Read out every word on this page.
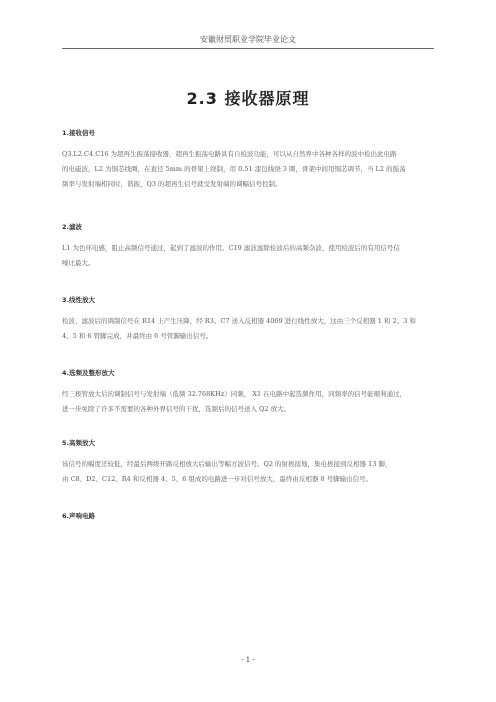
安徽财贸职业学院毕业论文
2.3 接收器原理
1.接收信号
Q3.L2.C4.C16 为超再生振荡接收器，超再生振荡电路具有自检波功能，可以从自然界中各种各样的波中检出此电路
的电磁波，L2 为铜芯线圈，在直径 5mm 的骨架上绕制，用 0.51 漆包线绕 3 圈，骨架中间用铜芯调节，当 L2 的振荡
频率与发射端相同时，谐振，Q3 的超再生信号就受发射端的调幅信号控制。
2.滤波
L1 为色环电感，阻止高频信号通过，起到了滤波的作用。C19 滤波滤除检波后的高频杂波，使用检波后的有用信号信
噪比最大。
3.线性放大
检波、滤波后的调制信号在 R14 上产生压降，经 R3、C7 送入反相器 4069 进行线性放大，这由三个反相器 1 和 2、3 和
4、5 和 6 管脚完成，并最终由 6 号管脚输出信号。
4.选频及整形放大
经三极管放大后的调制信号与发射端（低频 32.768KHz）同频， X1 在电路中起选频作用，同频率的信号能顺利通过，
进一步免除了许多不需要的各种外界信号的干扰，选频后的信号送入 Q2 放大。
5.高频放大
该信号的幅度还较低，经最后两级开路反相放大后输出等幅方波信号。Q2 的射极接地，集电极接到反相器 13 脚，
由 C8、D2、C12、R4 和反相器 4、5、6 组成的电路进一步对信号放大，最终由反相器 8 号脚输出信号。
6.声响电路
- 1 -
